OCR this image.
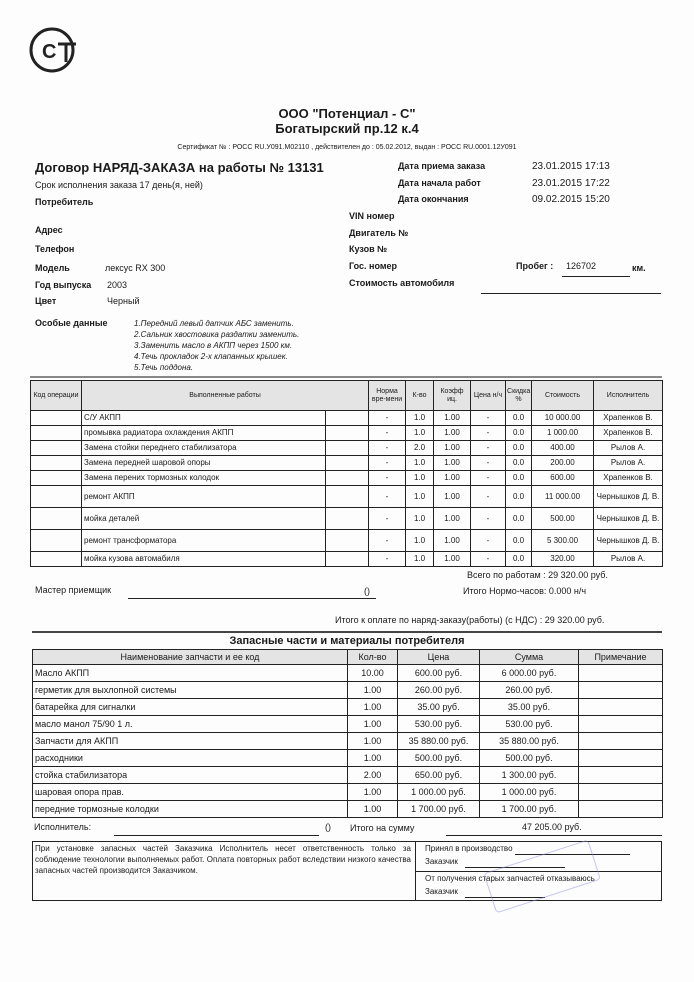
С
ООО "Потенциал - С"
Богатырский пр.12 к.4
Сертификат № : РОСС RU.У091.М02110 , действителен до : 05.02.2012, выдан : РОСС RU.0001.12У091
Договор НАРЯД-ЗАКАЗА на работы № 13131
Срок исполнения заказа 17 день(я, ней)
Дата приема заказа	23.01.2015 17:13
Дата начала работ	23.01.2015 17:22
Дата окончания	09.02.2015 15:20
Потребитель
Адрес
Телефон
Модель	лексус RX 300
Год выпуска 2003
Цвет	Черный
VIN номер
Двигатель №
Кузов №
Гос. номер	Пробег : 126702	км.
Стоимость автомобиля
Особые данные	1.Передний левый датчик АБС заменить.
2.Сальник хвостовика раздатки заменить.
3.Заменить масло в АКПП через 1500 км.
4.Течь прокладок 2-х клапанных крышек.
5.Течь поддона.
Код операции	Выполненные работы		Норма вре-мени	К-во	Коэфф иц.	Цена н/ч	Скидка %	Стоимость	Исполнитель
	С/У АКПП		-	1.0	1.00	-	0.0	10 000.00	Храпенков В.
	промывка радиатора охлаждения АКПП		-	1.0	1.00	-	0.0	1 000.00	Храпенков В.
	Замена стойки переднего стабилизатора		-	2.0	1.00	-	0.0	400.00	Рылов А.
	Замена передней шаровой опоры		-	1.0	1.00	-	0.0	200.00	Рылов А.
	Замена перених тормозных колодок		-	1.0	1.00	-	0.0	600.00	Храпенков В.
	ремонт АКПП		-	1.0	1.00	-	0.0	11 000.00	Чернышков Д. В.
	мойка деталей		-	1.0	1.00	-	0.0	500.00	Чернышков Д. В.
	ремонт трансформатора		-	1.0	1.00	-	0.0	5 300.00	Чернышков Д. В.
	мойка кузова автомабиля		-	1.0	1.00	-	0.0	320.00	Рылов А.
Всего по работам : 29 320.00 руб.
Мастер приемщик	()	Итого Нормо-часов: 0.000 н/ч
Итого к оплате по наряд-заказу(работы) (с НДС) : 29 320.00 руб.
Запасные части и материалы потребителя
Наименование запчасти и ее код	Кол-во	Цена	Сумма	Примечание
Масло АКПП	10.00	600.00 руб.	6 000.00 руб.	
герметик для выхлопной системы	1.00	260.00 руб.	260.00 руб.	
батарейка для сигналки	1.00	35.00 руб.	35.00 руб.	
масло манол 75/90 1 л.	1.00	530.00 руб.	530.00 руб.	
Запчасти для АКПП	1.00	35 880.00 руб.	35 880.00 руб.	
расходники	1.00	500.00 руб.	500.00 руб.	
стойка стабилизатора	2.00	650.00 руб.	1 300.00 руб.	
шаровая опора прав.	1.00	1 000.00 руб.	1 000.00 руб.	
передние тормозные колодки	1.00	1 700.00 руб.	1 700.00 руб.	
Исполнитель:	() Итого на сумму	47 205.00 руб.
При установке запасных частей Заказчика Исполнитель несет ответственность только за соблюдение технологии выполняемых работ. Оплата повторных работ вследствии низкого качества запасных частей производится Заказчиком.
Принял в производство
Заказчик
От получения старых запчастей отказываюсь
Заказчик
